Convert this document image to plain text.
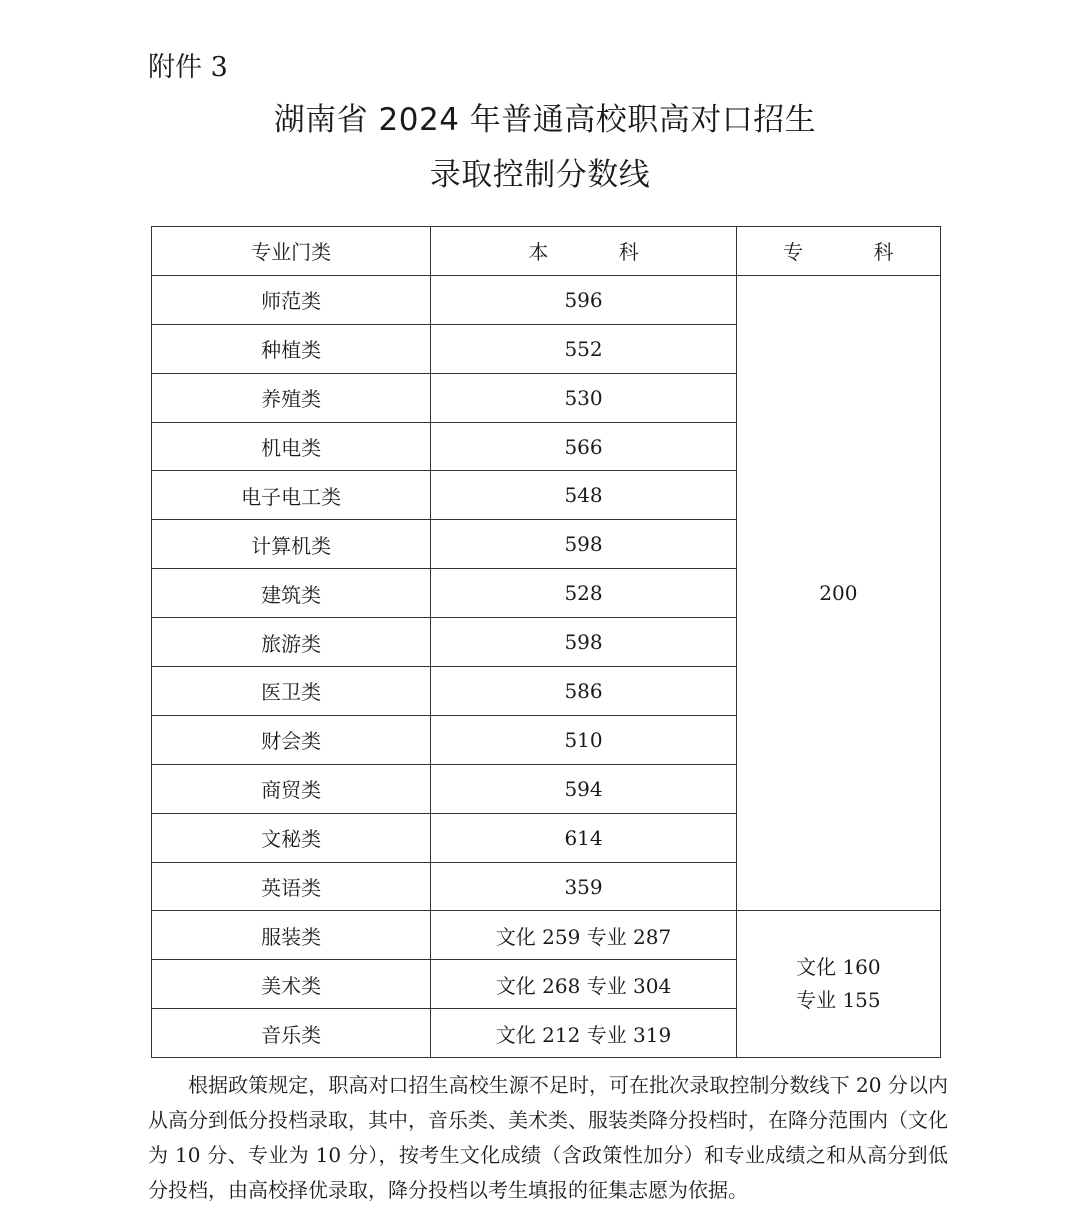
附件 3
湖南省 2024 年普通高校职高对口招生
录取控制分数线
专业门类	本 科	专 科
师范类	596	200
种植类	552	
养殖类	530	
机电类	566	
电子电工类	548	
计算机类	598	
建筑类	528	
旅游类	598	
医卫类	586	
财会类	510	
商贸类	594	
文秘类	614	
英语类	359	
服装类	文化 259 专业 287	文化 160
专业 155

美术类	文化 268 专业 304	
音乐类	文化 212 专业 319	

根据政策规定，职高对口招生高校生源不足时，可在批次录取控制分数线下 20 分以内从高分到低分投档录取，其中，音乐类、美术类、服装类降分投档时，在降分范围内（文化为 10 分、专业为 10 分），按考生文化成绩（含政策性加分）和专业成绩之和从高分到低分投档，由高校择优录取，降分投档以考生填报的征集志愿为依据。
